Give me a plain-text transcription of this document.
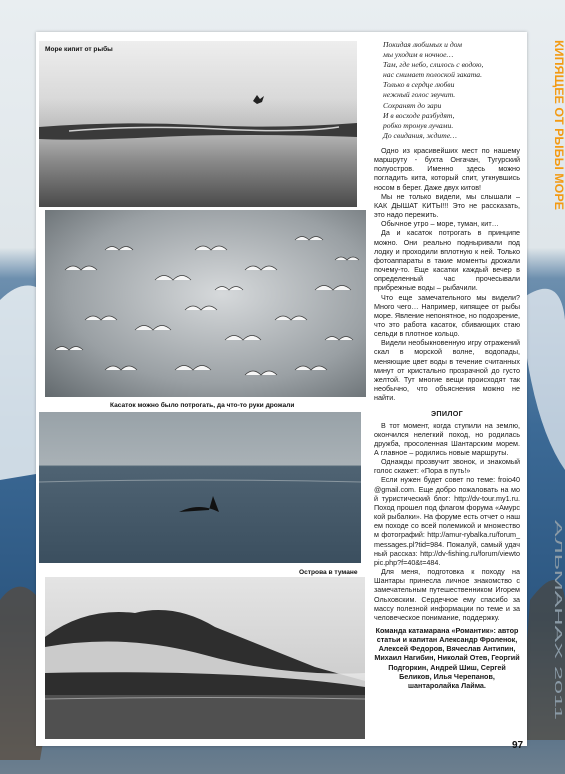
Море кипит от рыбы
Касаток можно было потрогать, да что-то руки дрожали
Острова в тумане
Покидая любимых и дом
мы уходим в ночное…
Там, где небо, слилось с водою,
нас снимает полоской заката.
Только в сердце любви
нежный голос звучит.
Сохранят до зари
И в восходе разбудят,
робко тронув лучами.
До свидания, ждите…

Одно из красивейших мест по нашему маршруту - бухта Онгачан, Тугурский полуостров. Именно здесь можно погладить кита, который спит, уткнувшись носом в берег. Даже двух китов!

Мы не только видели, мы слышали – КАК ДЫШАТ КИТЫ!!! Это не рассказать, это надо пережить.

Обычное утро – море, туман, кит…

Да и касаток потрогать в принципе можно. Они реально подныривали под лодку и проходили вплотную к ней. Только фотоаппараты в такие моменты дрожали почему-то. Еще касатки каждый вечер в определенный час прочесывали прибрежные воды – рыбачили.

Что еще замечательного мы видели? Много чего… Например, кипящее от рыбы море. Явление непонятное, но подозрение, что это работа касаток, сбивающих стаю сельди в плотное кольцо.

Видели необыкновенную игру отражений скал в морской волне, водопады, меняющие цвет воды в течение считанных минут от кристально прозрачной до густо желтой. Тут многие вещи происходят так необычно, что объяснения можно не найти.

ЭПИЛОГ

В тот момент, когда ступили на землю, окончился нелегкий поход, но родилась дружба, просоленная Шантарским морем. А главное – родились новые маршруты.

Однажды прозвучит звонок, и знакомый голос скажет: «Пора в путь!»

Если нужен будет совет по теме: froio40@gmail.com. Еще добро пожаловать на мой туристический блог: http://dv-tour.my1.ru. Поход прошел под флагом форума «Амурской рыбалки». На форуме есть отчет о нашем походе со всей полемикой и множеством фотографий: http://amur-rybalka.ru/forum_messages.pl?tid=984. Пожалуй, самый удачный рассказ: http://dv-fishing.ru/forum/viewtopic.php?f=40&t=484.

Для меня, подготовка к походу на Шантары принесла личное знакомство с замечательным путешественником Игорем Ольховским. Сердечное ему спасибо за массу полезной информации по теме и за человеческое понимание, поддержку.

Команда катамарана «Романтик»: автор статьи и капитан Александр Фроленок, Алексей Федоров, Вячеслав Антипин, Михаил Нагибин, Николай Отев, Георгий Подгоркин, Андрей Шиш, Сергей Беликов, Илья Черепанов, шантаролайка Лайма.

КИПЯЩЕЕ ОТ РЫБЫ МОРЕ
АЛЬМАНАХ 2011
97
